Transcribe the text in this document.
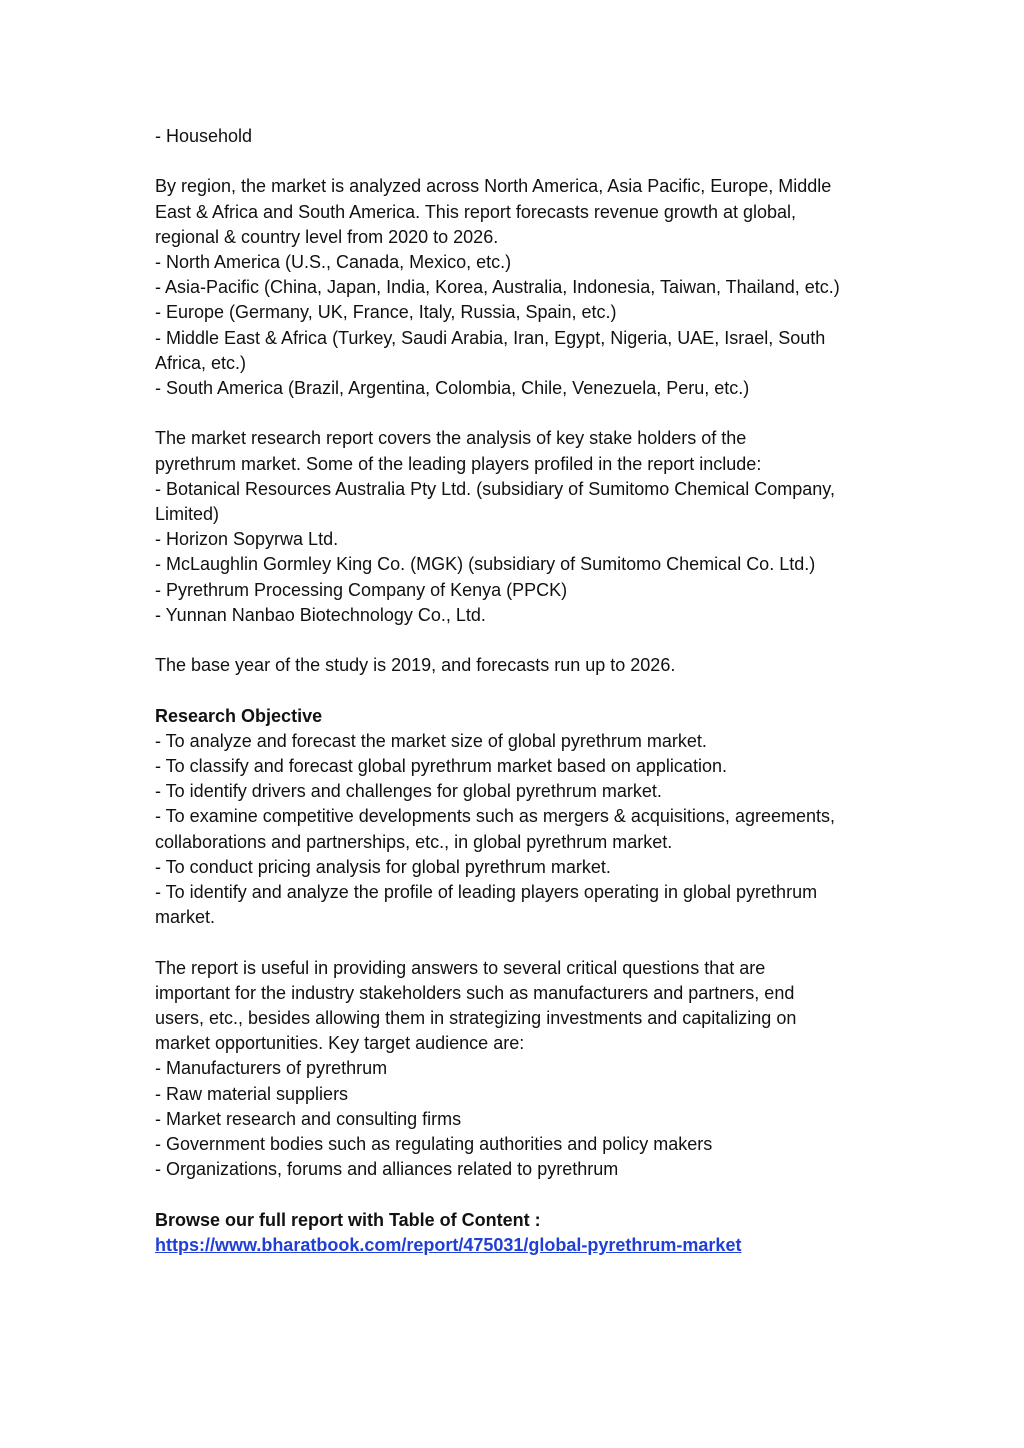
- Household

By region, the market is analyzed across North America, Asia Pacific, Europe, Middle

East & Africa and South America. This report forecasts revenue growth at global,

regional & country level from 2020 to 2026.

- North America (U.S., Canada, Mexico, etc.)

- Asia-Pacific (China, Japan, India, Korea, Australia, Indonesia, Taiwan, Thailand, etc.)

- Europe (Germany, UK, France, Italy, Russia, Spain, etc.)

- Middle East & Africa (Turkey, Saudi Arabia, Iran, Egypt, Nigeria, UAE, Israel, South

Africa, etc.)

- South America (Brazil, Argentina, Colombia, Chile, Venezuela, Peru, etc.)

The market research report covers the analysis of key stake holders of the

pyrethrum market. Some of the leading players profiled in the report include:

- Botanical Resources Australia Pty Ltd. (subsidiary of Sumitomo Chemical Company,

Limited)

- Horizon Sopyrwa Ltd.

- McLaughlin Gormley King Co. (MGK) (subsidiary of Sumitomo Chemical Co. Ltd.)

- Pyrethrum Processing Company of Kenya (PPCK)

- Yunnan Nanbao Biotechnology Co., Ltd.

The base year of the study is 2019, and forecasts run up to 2026.

Research Objective

- To analyze and forecast the market size of global pyrethrum market.

- To classify and forecast global pyrethrum market based on application.

- To identify drivers and challenges for global pyrethrum market.

- To examine competitive developments such as mergers & acquisitions, agreements,

collaborations and partnerships, etc., in global pyrethrum market.

- To conduct pricing analysis for global pyrethrum market.

- To identify and analyze the profile of leading players operating in global pyrethrum

market.

The report is useful in providing answers to several critical questions that are

important for the industry stakeholders such as manufacturers and partners, end

users, etc., besides allowing them in strategizing investments and capitalizing on

market opportunities. Key target audience are:

- Manufacturers of pyrethrum

- Raw material suppliers

- Market research and consulting firms

- Government bodies such as regulating authorities and policy makers

- Organizations, forums and alliances related to pyrethrum

Browse our full report with Table of Content :

https://www.bharatbook.com/report/475031/global-pyrethrum-market
